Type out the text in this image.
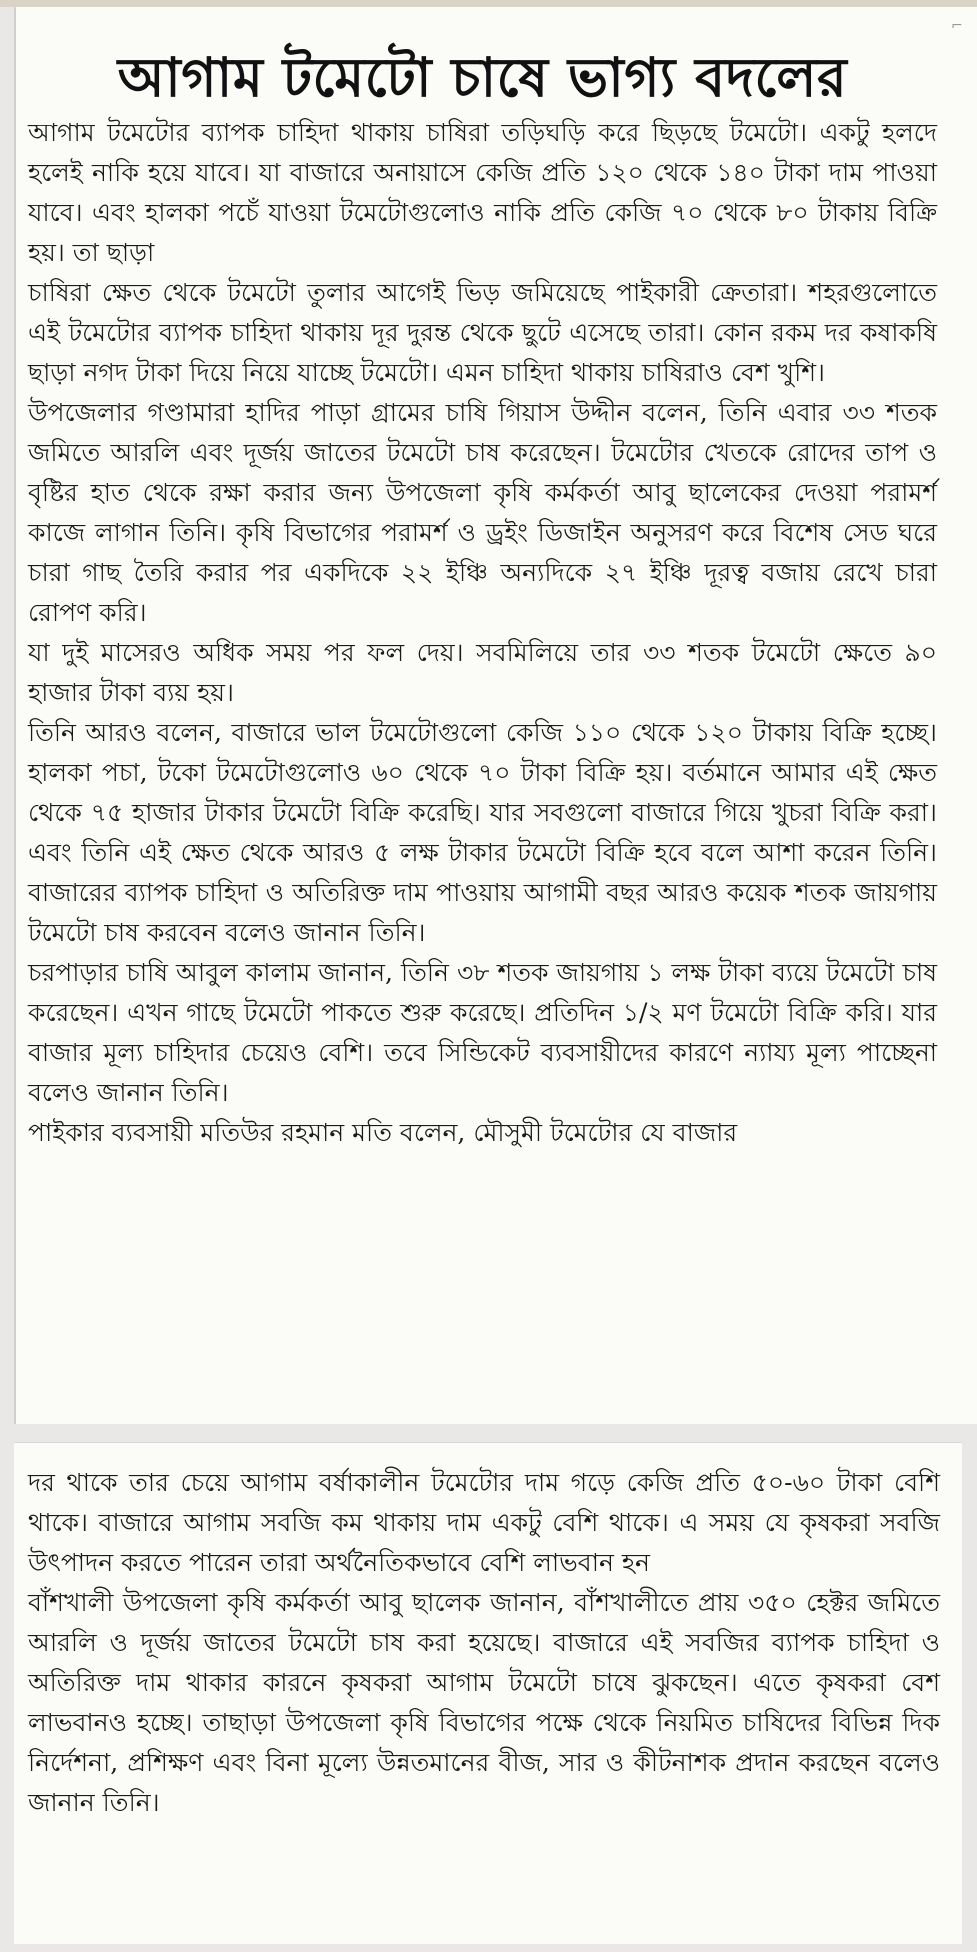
⌐
আগাম টমেটো চাষে ভাগ্য বদলের

আগাম টমেটোর ব্যাপক চাহিদা থাকায় চাষিরা তড়িঘড়ি করে ছিড়ছে টমেটো। একটু হলদে হলেই নাকি হয়ে যাবে। যা বাজারে অনায়াসে কেজি প্রতি ১২০ থেকে ১৪০ টাকা দাম পাওয়া যাবে। এবং হালকা পচেঁ যাওয়া টমেটোগুলোও নাকি প্রতি কেজি ৭০ থেকে ৮০ টাকায় বিক্রি হয়। তা ছাড়া

চাষিরা ক্ষেত থেকে টমেটো তুলার আগেই ভিড় জমিয়েছে পাইকারী ক্রেতারা। শহরগুলোতে এই টমেটোর ব্যাপক চাহিদা থাকায় দূর দুরন্ত থেকে ছুটে এসেছে তারা। কোন রকম দর কষাকষি ছাড়া নগদ টাকা দিয়ে নিয়ে যাচ্ছে টমেটো। এমন চাহিদা থাকায় চাষিরাও বেশ খুশি।

উপজেলার গণ্ডামারা হাদির পাড়া গ্রামের চাষি গিয়াস উদ্দীন বলেন, তিনি এবার ৩৩ শতক জমিতে আরলি এবং দূর্জয় জাতের টমেটো চাষ করেছেন। টমেটোর খেতকে রোদের তাপ ও বৃষ্টির হাত থেকে রক্ষা করার জন্য উপজেলা কৃষি কর্মকর্তা আবু ছালেকের দেওয়া পরামর্শ কাজে লাগান তিনি। কৃষি বিভাগের পরামর্শ ও ড্রইং ডিজাইন অনুসরণ করে বিশেষ সেড ঘরে চারা গাছ তৈরি করার পর একদিকে ২২ ইঞ্চি অন্যদিকে ২৭ ইঞ্চি দূরত্ব বজায় রেখে চারা রোপণ করি।

যা দুই মাসেরও অধিক সময় পর ফল দেয়। সবমিলিয়ে তার ৩৩ শতক টমেটো ক্ষেতে ৯০ হাজার টাকা ব্যয় হয়।

তিনি আরও বলেন, বাজারে ভাল টমেটোগুলো কেজি ১১০ থেকে ১২০ টাকায় বিক্রি হচ্ছে। হালকা পচা, টকো টমেটোগুলোও ৬০ থেকে ৭০ টাকা বিক্রি হয়। বর্তমানে আমার এই ক্ষেত থেকে ৭৫ হাজার টাকার টমেটো বিক্রি করেছি। যার সবগুলো বাজারে গিয়ে খুচরা বিক্রি করা। এবং তিনি এই ক্ষেত থেকে আরও ৫ লক্ষ টাকার টমেটো বিক্রি হবে বলে আশা করেন তিনি। বাজারের ব্যাপক চাহিদা ও অতিরিক্ত দাম পাওয়ায় আগামী বছর আরও কয়েক শতক জায়গায় টমেটো চাষ করবেন বলেও জানান তিনি।

চরপাড়ার চাষি আবুল কালাম জানান, তিনি ৩৮ শতক জায়গায় ১ লক্ষ টাকা ব্যয়ে টমেটো চাষ করেছেন। এখন গাছে টমেটো পাকতে শুরু করেছে। প্রতিদিন ১/২ মণ টমেটো বিক্রি করি। যার বাজার মূল্য চাহিদার চেয়েও বেশি। তবে সিন্ডিকেট ব্যবসায়ীদের কারণে ন্যায্য মূল্য পাচ্ছেনা বলেও জানান তিনি।

পাইকার ব্যবসায়ী মতিউর রহমান মতি বলেন, মৌসুমী টমেটোর যে বাজার

দর থাকে তার চেয়ে আগাম বর্ষাকালীন টমেটোর দাম গড়ে কেজি প্রতি ৫০-৬০ টাকা বেশি থাকে। বাজারে আগাম সবজি কম থাকায় দাম একটু বেশি থাকে। এ সময় যে কৃষকরা সবজি উৎপাদন করতে পারেন তারা অর্থনৈতিকভাবে বেশি লাভবান হন

বাঁশখালী উপজেলা কৃষি কর্মকর্তা আবু ছালেক জানান, বাঁশখালীতে প্রায় ৩৫০ হেক্টর জমিতে আরলি ও দূর্জয় জাতের টমেটো চাষ করা হয়েছে। বাজারে এই সবজির ব্যাপক চাহিদা ও অতিরিক্ত দাম থাকার কারনে কৃষকরা আগাম টমেটো চাষে ঝুকছেন। এতে কৃষকরা বেশ লাভবানও হচ্ছে। তাছাড়া উপজেলা কৃষি বিভাগের পক্ষে থেকে নিয়মিত চাষিদের বিভিন্ন দিক নির্দেশনা, প্রশিক্ষণ এবং বিনা মূল্যে উন্নতমানের বীজ, সার ও কীটনাশক প্রদান করছেন বলেও জানান তিনি।
